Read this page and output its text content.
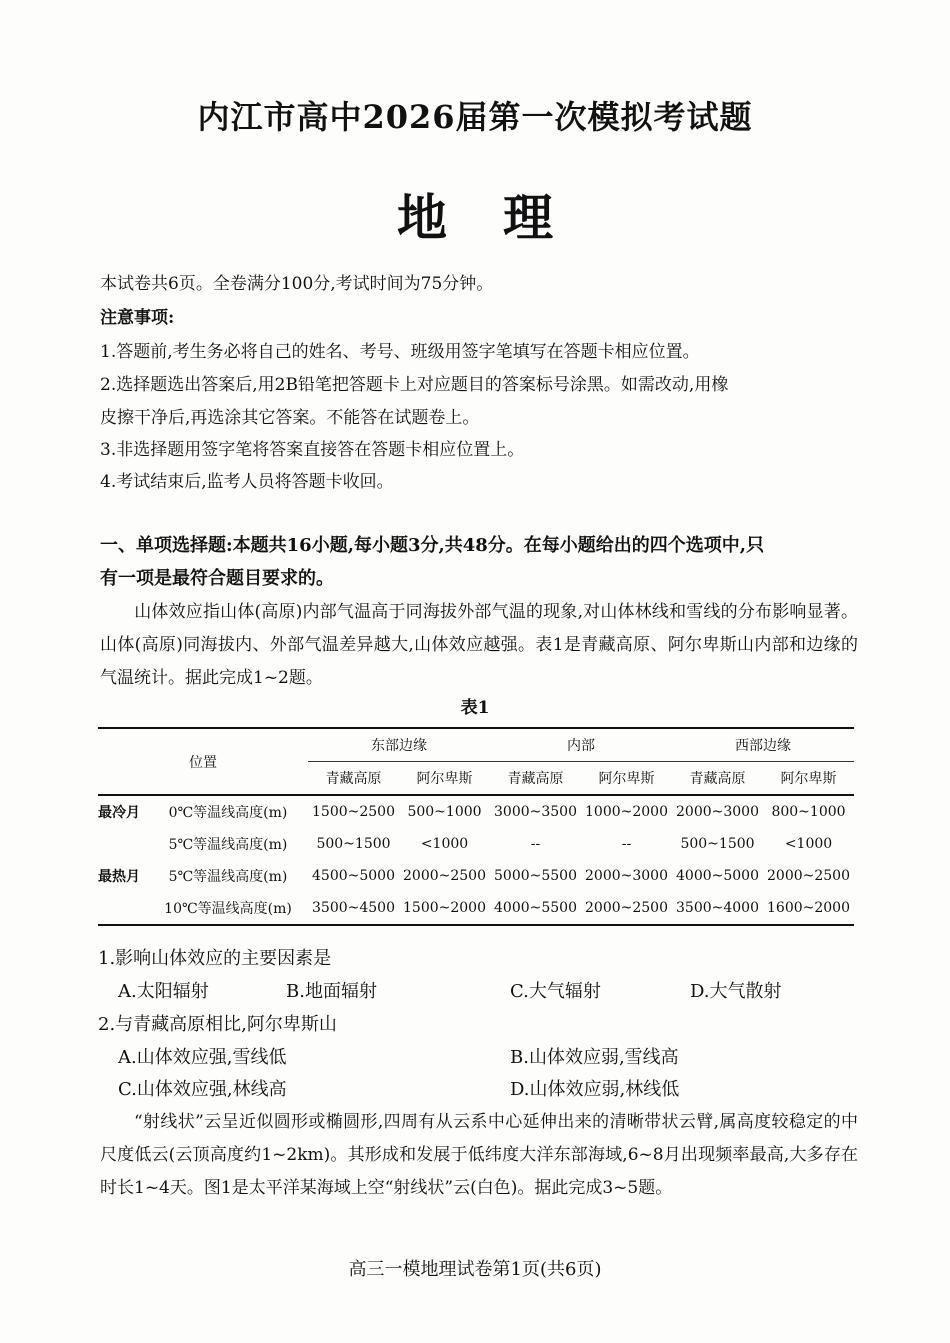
内江市高中2026届第一次模拟考试题
地理
本试卷共6页。全卷满分100分,考试时间为75分钟。
注意事项:
1.答题前,考生务必将自己的姓名、考号、班级用签字笔填写在答题卡相应位置。
2.选择题选出答案后,用2B铅笔把答题卡上对应题目的答案标号涂黑。如需改动,用橡
皮擦干净后,再选涂其它答案。不能答在试题卷上。
3.非选择题用签字笔将答案直接答在答题卡相应位置上。
4.考试结束后,监考人员将答题卡收回。
一、单项选择题:本题共16小题,每小题3分,共48分。在每小题给出的四个选项中,只
有一项是最符合题目要求的。
山体效应指山体(高原)内部气温高于同海拔外部气温的现象,对山体林线和雪线的分布影响显著。山体(高原)同海拔内、外部气温差异越大,山体效应越强。表1是青藏高原、阿尔卑斯山内部和边缘的气温统计。据此完成1~2题。
表1
位置		东部边缘		内部		西部边缘	
		青藏高原	阿尔卑斯	青藏高原	阿尔卑斯	青藏高原	阿尔卑斯
最冷月	0℃等温线高度(m)	1500~2500	500~1000	3000~3500	1000~2000	2000~3000	800~1000
	5℃等温线高度(m)	500~1500	<1000	--	--	500~1500	<1000
最热月	5℃等温线高度(m)	4500~5000	2000~2500	5000~5500	2000~3000	4000~5000	2000~2500
	10℃等温线高度(m)	3500~4500	1500~2000	4000~5500	2000~2500	3500~4000	1600~2000
1.影响山体效应的主要因素是
A.太阳辐射	B.地面辐射	C.大气辐射	D.大气散射
2.与青藏高原相比,阿尔卑斯山
A.山体效应强,雪线低	B.山体效应弱,雪线高
C.山体效应强,林线高	D.山体效应弱,林线低
“射线状”云呈近似圆形或椭圆形,四周有从云系中心延伸出来的清晰带状云臂,属高度较稳定的中尺度低云(云顶高度约1~2km)。其形成和发展于低纬度大洋东部海域,6~8月出现频率最高,大多存在时长1~4天。图1是太平洋某海域上空“射线状”云(白色)。据此完成3~5题。
高三一模地理试卷第1页(共6页)
